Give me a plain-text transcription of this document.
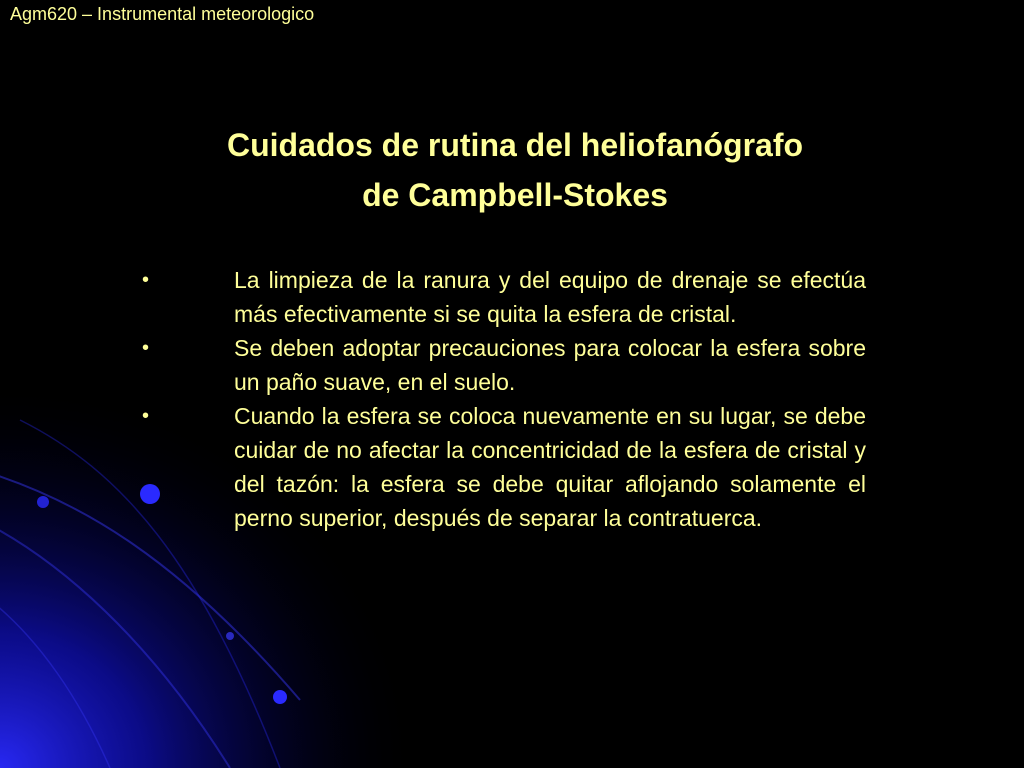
Agm620 – Instrumental meteorologico
Cuidados de rutina del heliofanógrafo
de Campbell-Stokes
•	La limpieza de la ranura y del equipo de drenaje se efectúa más efectivamente si se quita la esfera de cristal.
•	Se deben adoptar precauciones para colocar la esfera sobre un paño suave, en el suelo.
•	Cuando la esfera se coloca nuevamente en su lugar, se debe cuidar de no afectar la concentricidad de la esfera de cristal y del tazón: la esfera se debe quitar aflojando solamente el perno superior, después de separar la contratuerca.
